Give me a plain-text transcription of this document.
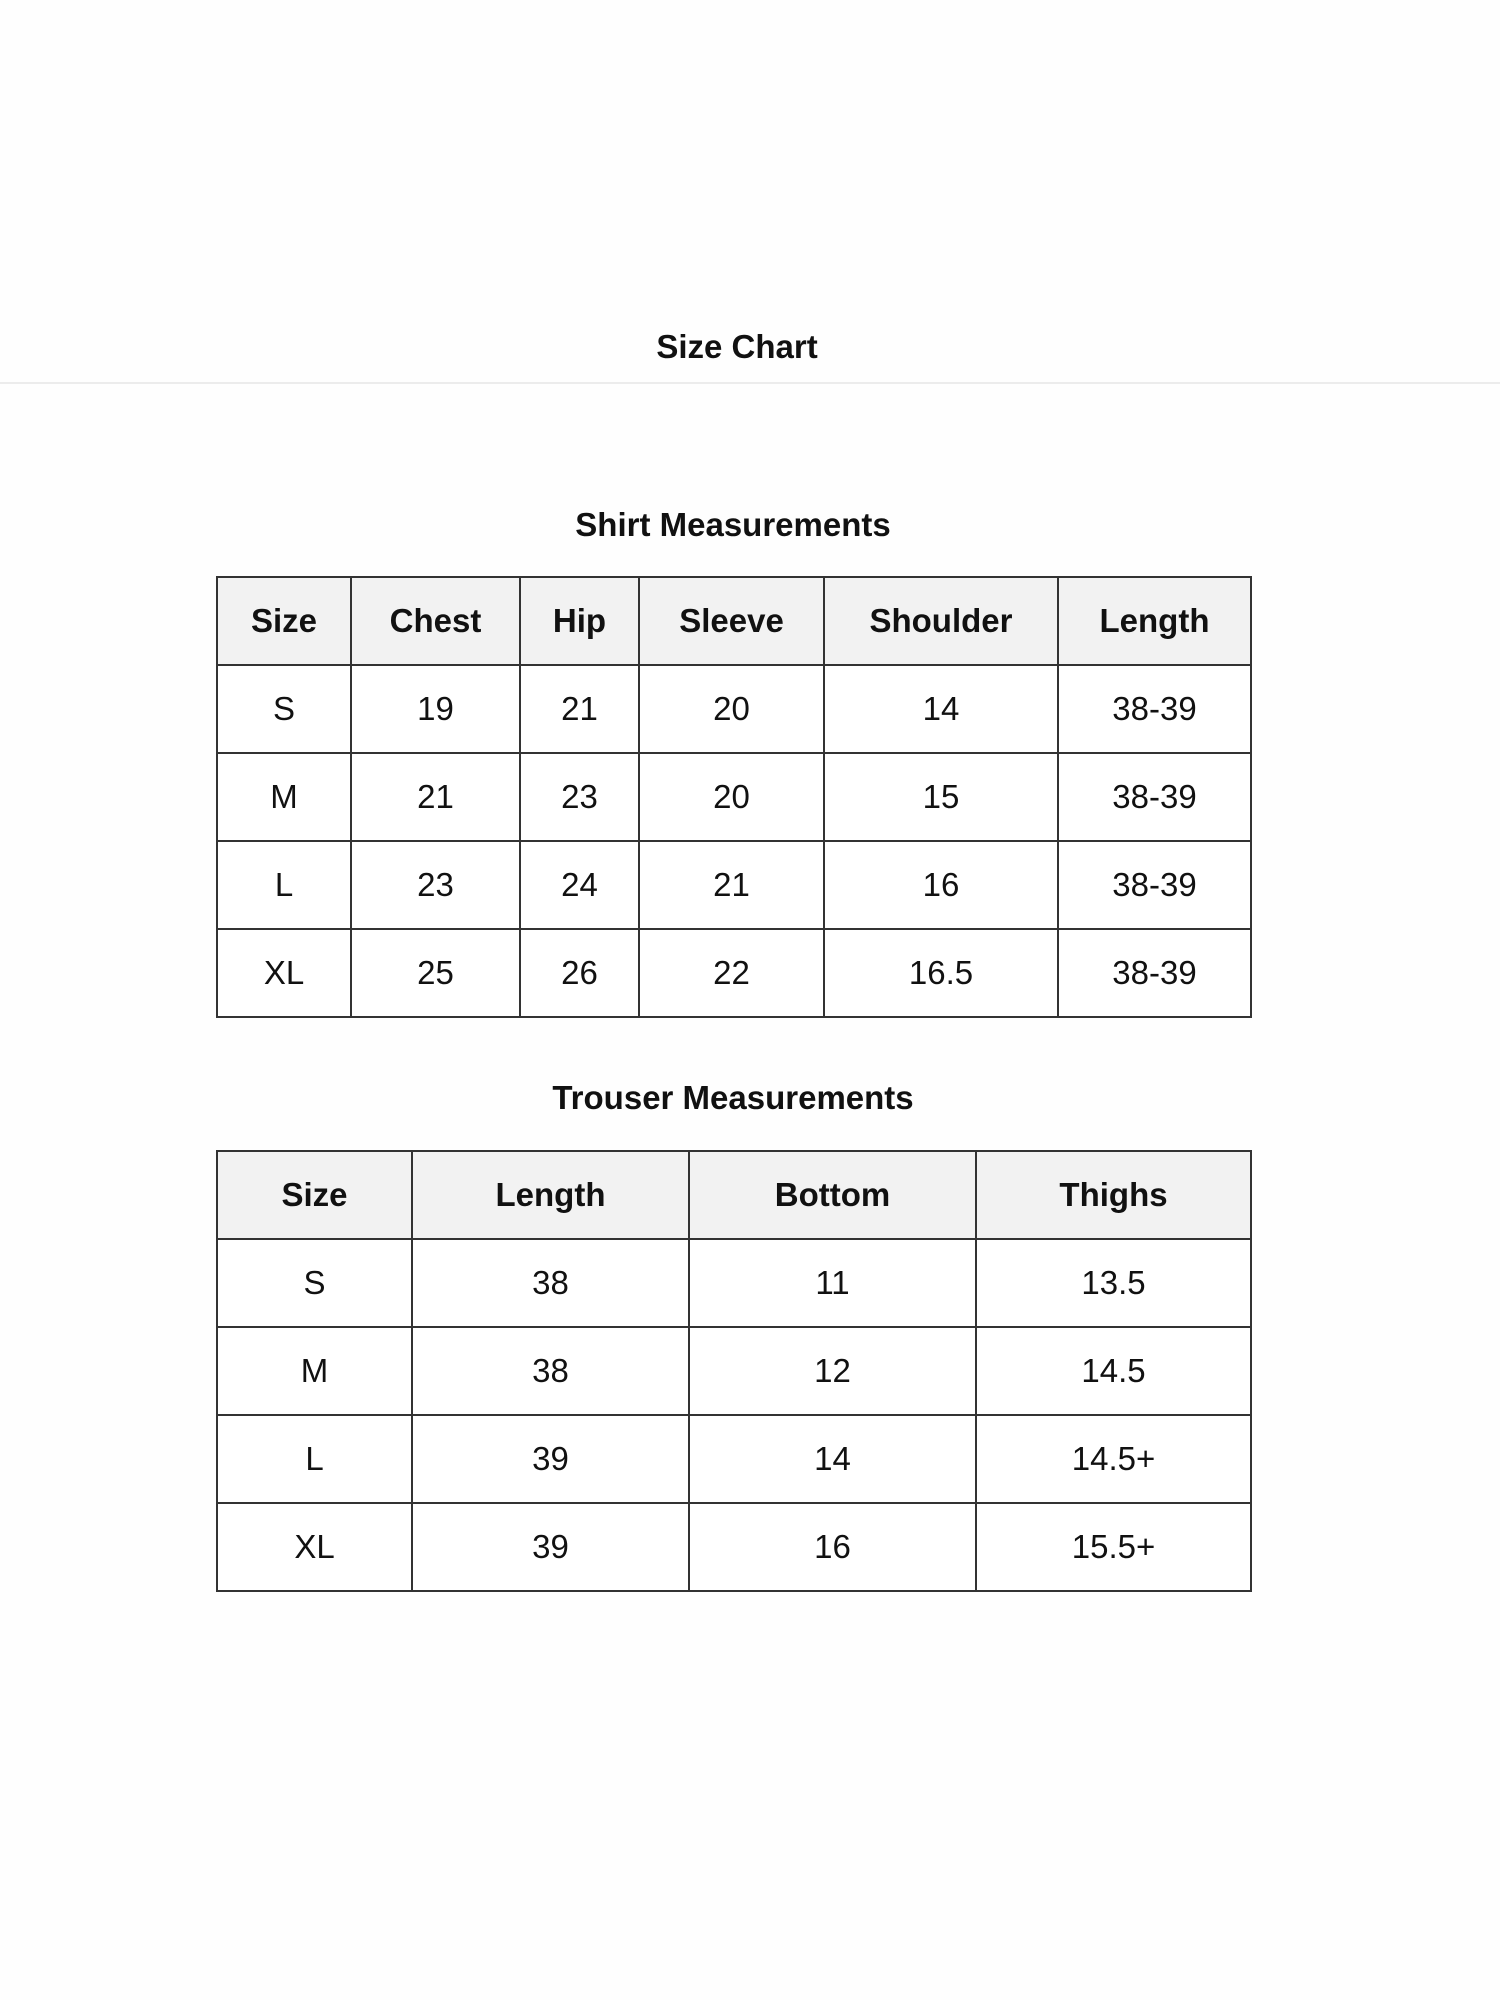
Size Chart
Shirt Measurements
Size	Chest	Hip	Sleeve	Shoulder	Length
S	19	21	20	14	38-39
M	21	23	20	15	38-39
L	23	24	21	16	38-39
XL	25	26	22	16.5	38-39
Trouser Measurements
Size	Length	Bottom	Thighs
S	38	11	13.5
M	38	12	14.5
L	39	14	14.5+
XL	39	16	15.5+
